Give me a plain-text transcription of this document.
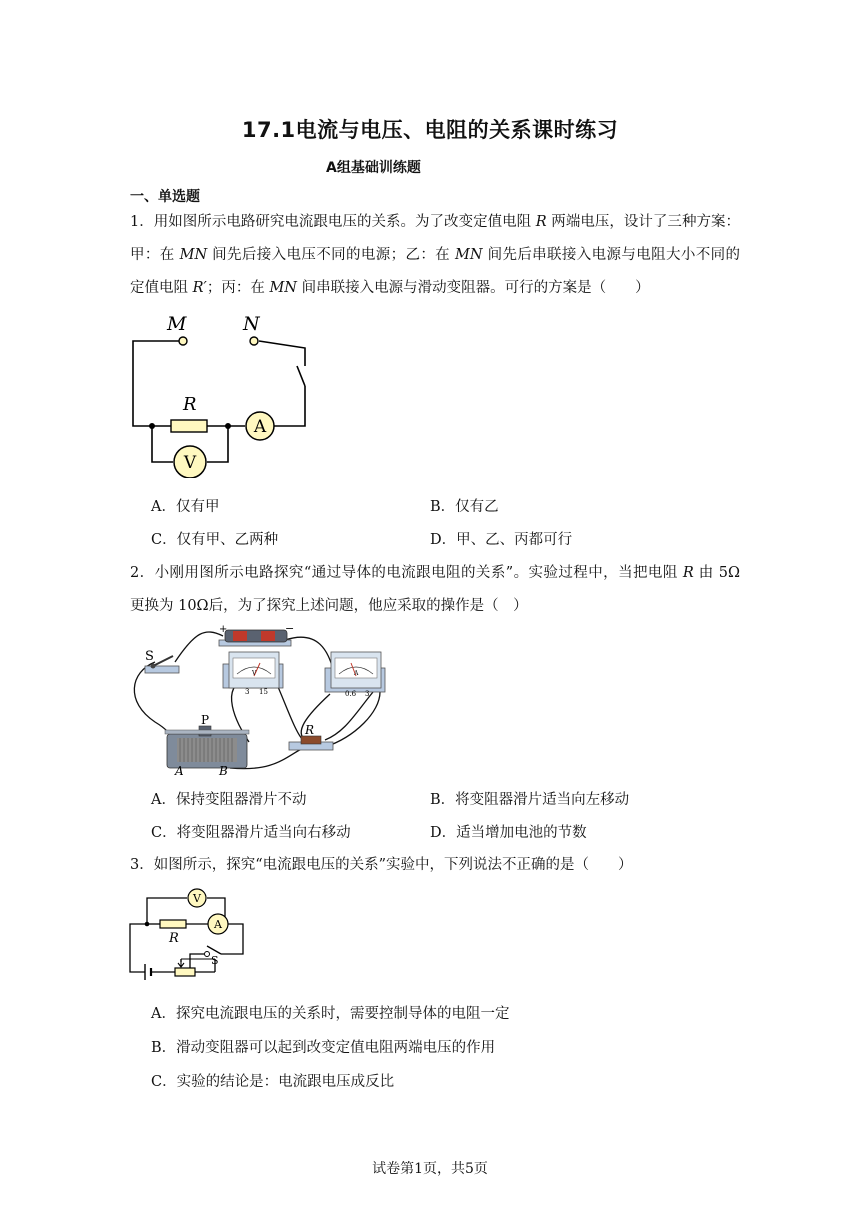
17.1电流与电压、电阻的关系课时练习
A组基础训练题
一、单选题
1．用如图所示电路研究电流跟电压的关系。为了改变定值电阻 R 两端电压，设计了三种方案：甲：在 MN 间先后接入电压不同的电源；乙：在 MN 间先后串联接入电源与电阻大小不同的定值电阻 R′；丙：在 MN 间串联接入电源与滑动变阻器。可行的方案是（　　）
M	N
R
A
V
A．仅有甲	B．仅有乙
C．仅有甲、乙两种	D．甲、乙、丙都可行
2．小刚用图所示电路探究“通过导体的电流跟电阻的关系”。实验过程中，当把电阻 R 由 5Ω 更换为 10Ω后，为了探究上述问题，他应采取的操作是（　）
+	−
S
V
3 15
A
0.6 3
P
A	B
R
A．保持变阻器滑片不动	B．将变阻器滑片适当向左移动
C．将变阻器滑片适当向右移动	D．适当增加电池的节数
3．如图所示，探究“电流跟电压的关系”实验中，下列说法不正确的是（　　）
V
A
R
S
A．探究电流跟电压的关系时，需要控制导体的电阻一定
B．滑动变阻器可以起到改变定值电阻两端电压的作用
C．实验的结论是：电流跟电压成反比
试卷第1页，共5页
